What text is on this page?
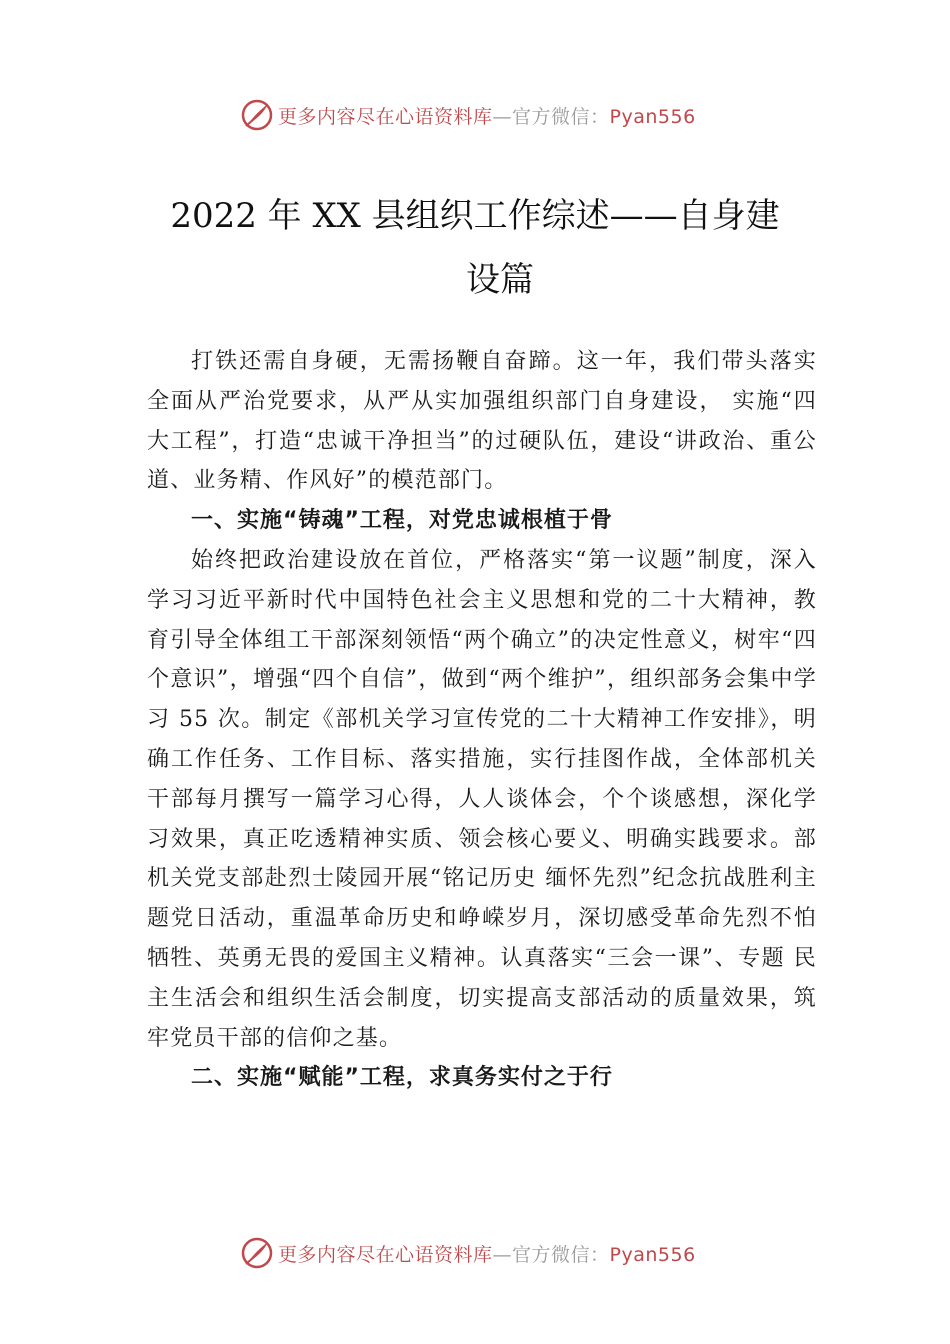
更多内容尽在心语资料库—官方微信：Pyan556
2022 年 XX 县组织工作综述——自身建
设篇

打铁还需自身硬，无需扬鞭自奋蹄。这一年，我们带头落实全面从严治党要求，从严从实加强组织部门自身建设， 实施“四大工程”，打造“忠诚干净担当”的过硬队伍，建设“讲政治、重公道、业务精、作风好”的模范部门。

一、实施“铸魂”工程，对党忠诚根植于骨

始终把政治建设放在首位，严格落实“第一议题”制度，深入学习习近平新时代中国特色社会主义思想和党的二十大精神，教育引导全体组工干部深刻领悟“两个确立”的决定性意义，树牢“四个意识”，增强“四个自信”，做到“两个维护”，组织部务会集中学习 55 次。制定《部机关学习宣传党的二十大精神工作安排》，明确工作任务、工作目标、落实措施，实行挂图作战，全体部机关干部每月撰写一篇学习心得，人人谈体会，个个谈感想，深化学习效果，真正吃透精神实质、领会核心要义、明确实践要求。部机关党支部赴烈士陵园开展“铭记历史 缅怀先烈”纪念抗战胜利主题党日活动，重温革命历史和峥嵘岁月，深切感受革命先烈不怕牺牲、英勇无畏的爱国主义精神。认真落实“三会一课”、专题 民主生活会和组织生活会制度，切实提高支部活动的质量效果，筑牢党员干部的信仰之基。

二、实施“赋能”工程，求真务实付之于行

更多内容尽在心语资料库—官方微信：Pyan556
